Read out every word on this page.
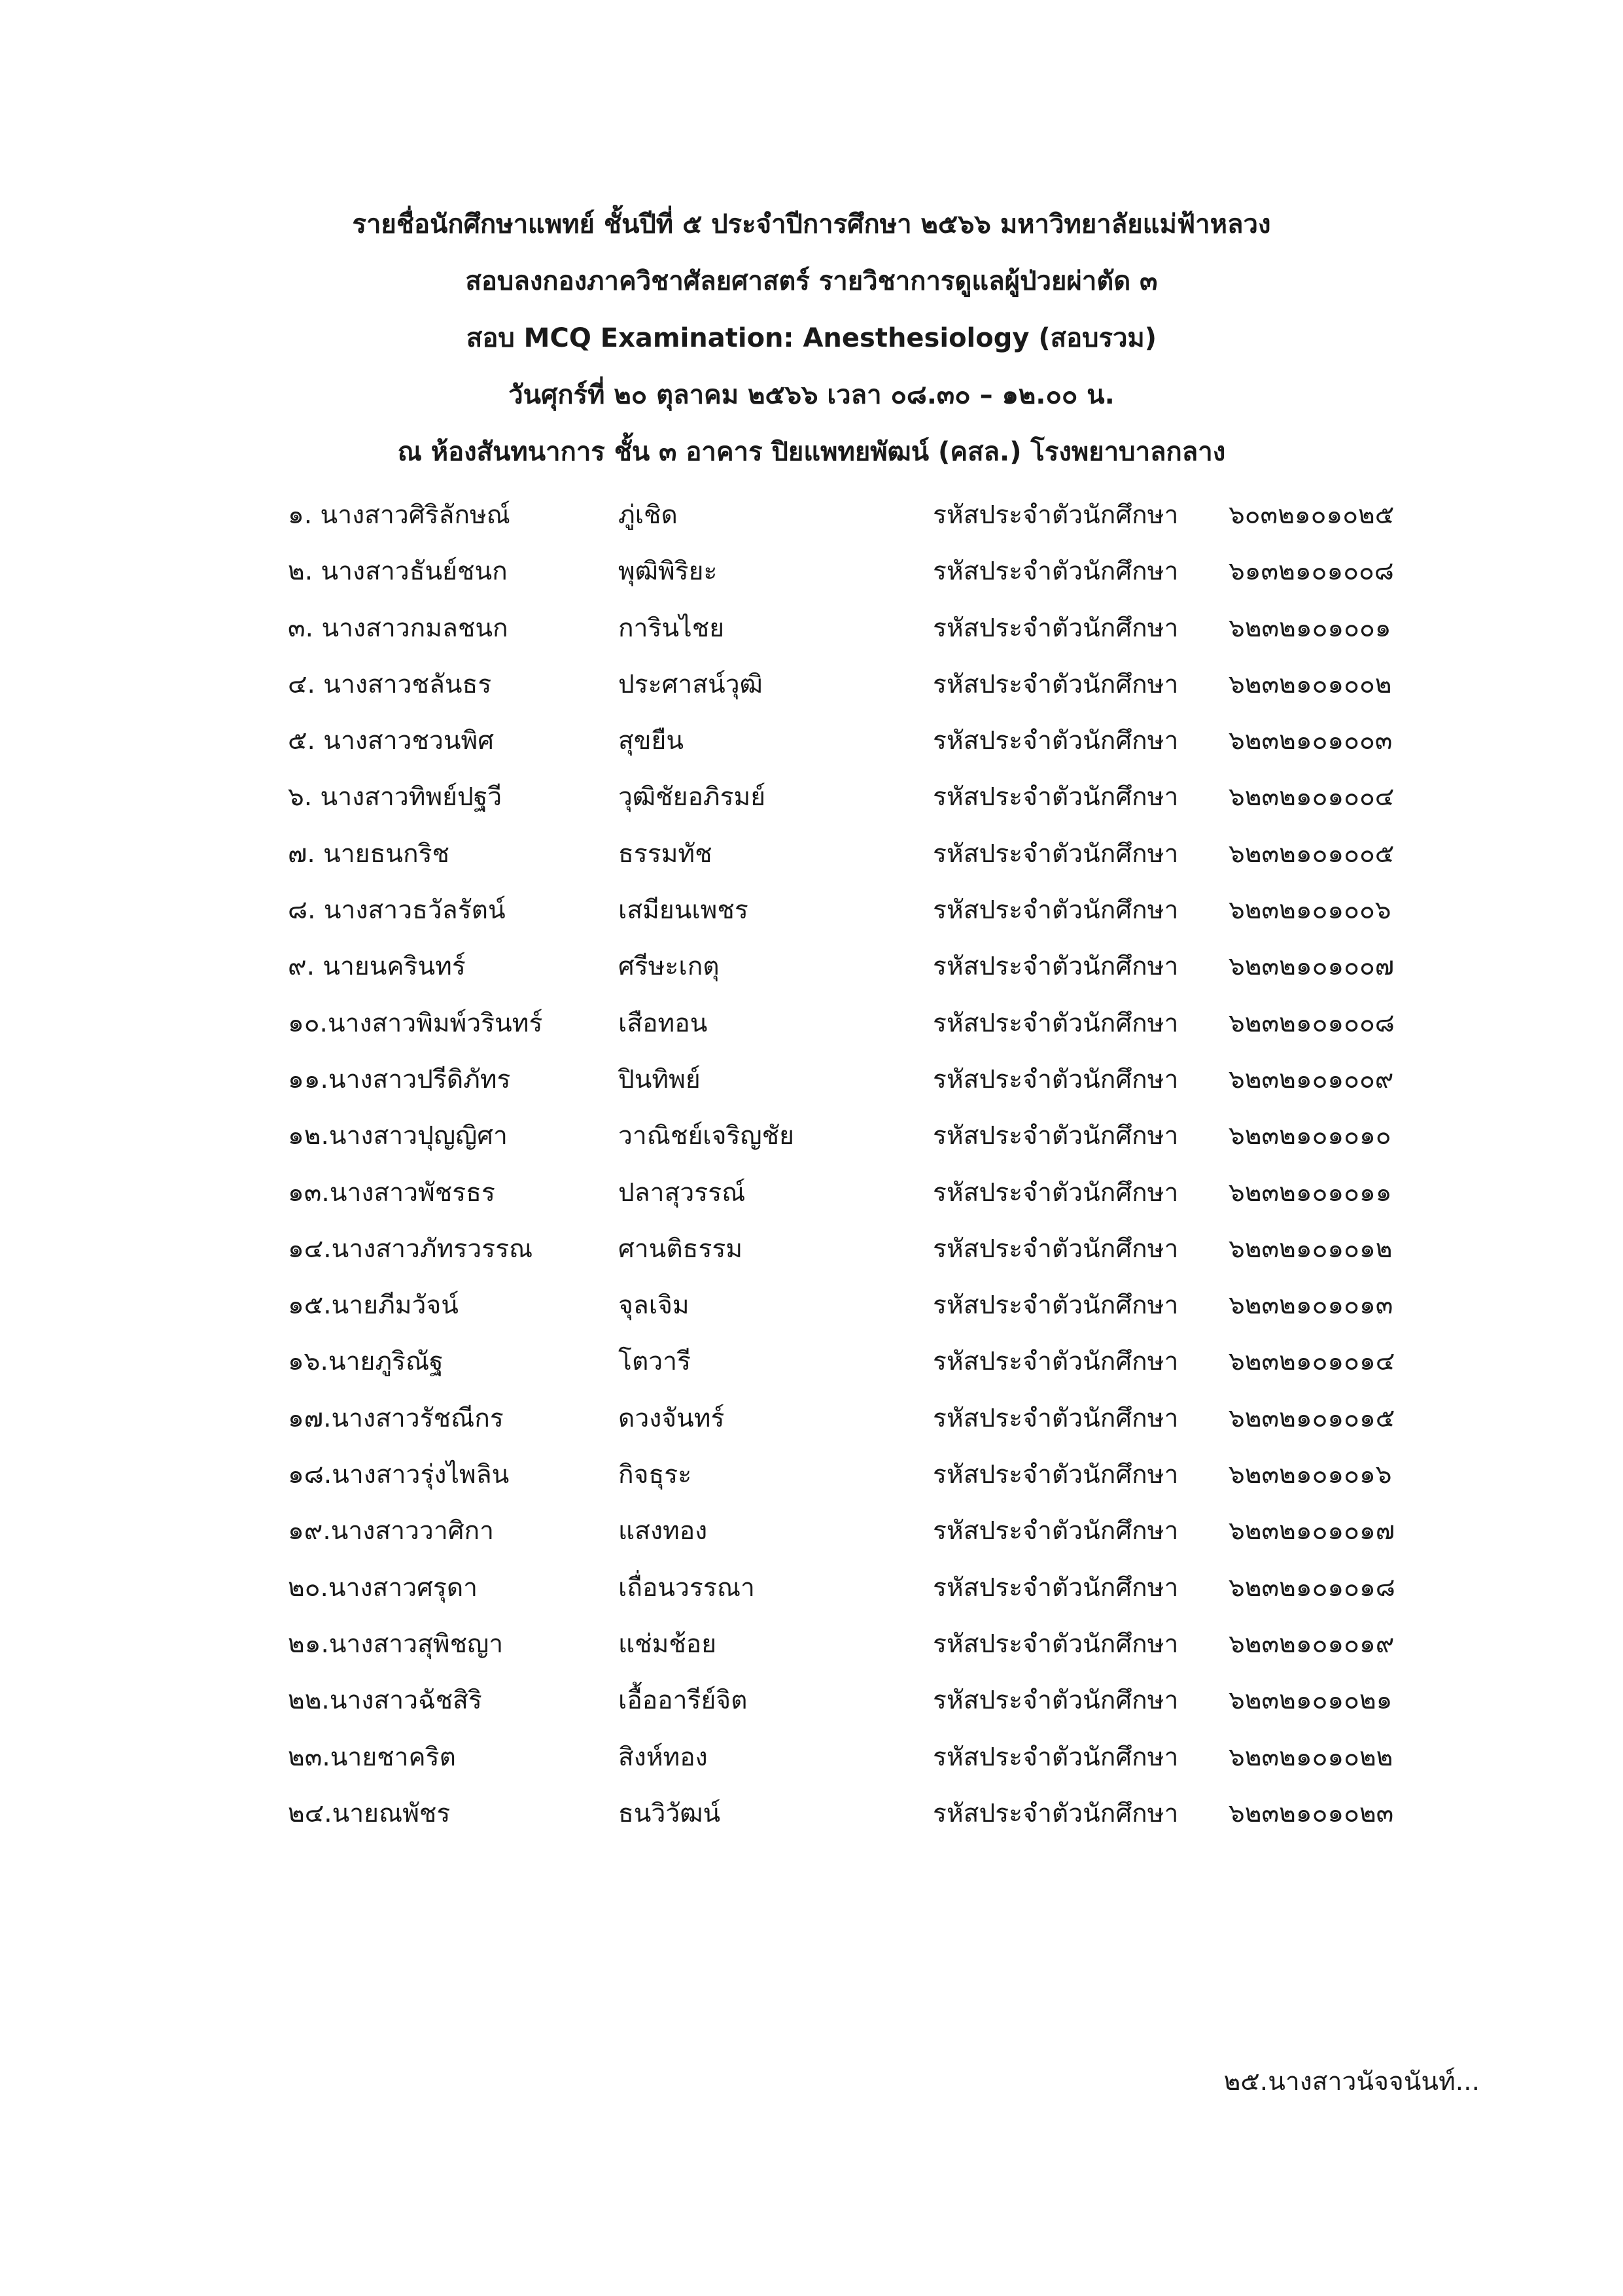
รายชื่อนักศึกษาแพทย์ ชั้นปีที่ ๕ ประจำปีการศึกษา ๒๕๖๖ มหาวิทยาลัยแม่ฟ้าหลวง
สอบลงกองภาควิชาศัลยศาสตร์ รายวิชาการดูแลผู้ป่วยผ่าตัด ๓
สอบ MCQ Examination: Anesthesiology (สอบรวม)
วันศุกร์ที่ ๒๐ ตุลาคม ๒๕๖๖ เวลา ๐๘.๓๐ – ๑๒.๐๐ น.
ณ ห้องสันทนาการ ชั้น ๓ อาคาร ปิยแพทยพัฒน์ (คสล.) โรงพยาบาลกลาง
๑. นางสาวศิริลักษณ์	ภู่เชิด	รหัสประจำตัวนักศึกษา ๖๐๓๒๑๐๑๐๒๕
๒. นางสาวธันย์ชนก	พุฒิพิริยะ	รหัสประจำตัวนักศึกษา ๖๑๓๒๑๐๑๐๐๘
๓. นางสาวกมลชนก	การินไชย	รหัสประจำตัวนักศึกษา ๖๒๓๒๑๐๑๐๐๑
๔. นางสาวชลันธร	ประศาสน์วุฒิ	รหัสประจำตัวนักศึกษา ๖๒๓๒๑๐๑๐๐๒
๕. นางสาวชวนพิศ	สุขยืน	รหัสประจำตัวนักศึกษา ๖๒๓๒๑๐๑๐๐๓
๖. นางสาวทิพย์ปฐวี	วุฒิชัยอภิรมย์	รหัสประจำตัวนักศึกษา ๖๒๓๒๑๐๑๐๐๔
๗. นายธนกริช	ธรรมทัช	รหัสประจำตัวนักศึกษา ๖๒๓๒๑๐๑๐๐๕
๘. นางสาวธวัลรัตน์	เสมียนเพชร	รหัสประจำตัวนักศึกษา ๖๒๓๒๑๐๑๐๐๖
๙. นายนครินทร์	ศรีษะเกตุ	รหัสประจำตัวนักศึกษา ๖๒๓๒๑๐๑๐๐๗
๑๐.นางสาวพิมพ์วรินทร์	เสือทอน	รหัสประจำตัวนักศึกษา ๖๒๓๒๑๐๑๐๐๘
๑๑.นางสาวปรีดิภัทร	ปินทิพย์	รหัสประจำตัวนักศึกษา ๖๒๓๒๑๐๑๐๐๙
๑๒.นางสาวปุญญิศา	วาณิชย์เจริญชัย	รหัสประจำตัวนักศึกษา ๖๒๓๒๑๐๑๐๑๐
๑๓.นางสาวพัชรธร	ปลาสุวรรณ์	รหัสประจำตัวนักศึกษา ๖๒๓๒๑๐๑๐๑๑
๑๔.นางสาวภัทรวรรณ	ศานติธรรม	รหัสประจำตัวนักศึกษา ๖๒๓๒๑๐๑๐๑๒
๑๕.นายภีมวัจน์	จุลเจิม	รหัสประจำตัวนักศึกษา ๖๒๓๒๑๐๑๐๑๓
๑๖.นายภูริณัฐ	โตวารี	รหัสประจำตัวนักศึกษา ๖๒๓๒๑๐๑๐๑๔
๑๗.นางสาวรัชณีกร	ดวงจันทร์	รหัสประจำตัวนักศึกษา ๖๒๓๒๑๐๑๐๑๕
๑๘.นางสาวรุ่งไพลิน	กิจธุระ	รหัสประจำตัวนักศึกษา ๖๒๓๒๑๐๑๐๑๖
๑๙.นางสาววาศิกา	แสงทอง	รหัสประจำตัวนักศึกษา ๖๒๓๒๑๐๑๐๑๗
๒๐.นางสาวศรุดา	เถื่อนวรรณา	รหัสประจำตัวนักศึกษา ๖๒๓๒๑๐๑๐๑๘
๒๑.นางสาวสุพิชญา	แช่มช้อย	รหัสประจำตัวนักศึกษา ๖๒๓๒๑๐๑๐๑๙
๒๒.นางสาวฉัชสิริ	เอื้ออารีย์จิต	รหัสประจำตัวนักศึกษา ๖๒๓๒๑๐๑๐๒๑
๒๓.นายชาคริต	สิงห์ทอง	รหัสประจำตัวนักศึกษา ๖๒๓๒๑๐๑๐๒๒
๒๔.นายณพัชร	ธนวิวัฒน์	รหัสประจำตัวนักศึกษา ๖๒๓๒๑๐๑๐๒๓
๒๕.นางสาวนัจจนันท์...
